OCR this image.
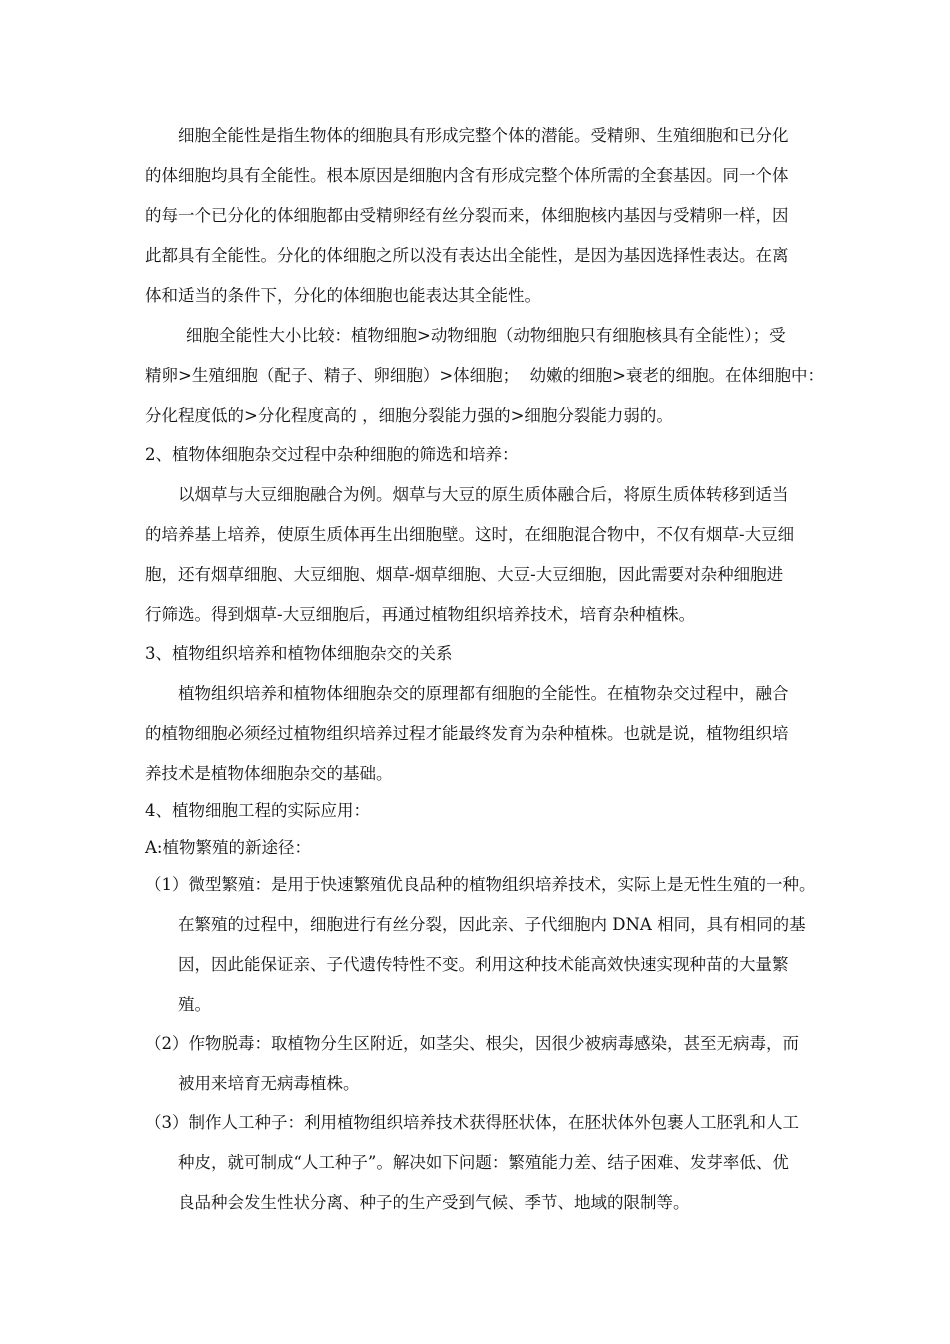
细胞全能性是指生物体的细胞具有形成完整个体的潜能。受精卵、生殖细胞和已分化
的体细胞均具有全能性。根本原因是细胞内含有形成完整个体所需的全套基因。同一个体
的每一个已分化的体细胞都由受精卵经有丝分裂而来，体细胞核内基因与受精卵一样，因
此都具有全能性。分化的体细胞之所以没有表达出全能性，是因为基因选择性表达。在离
体和适当的条件下，分化的体细胞也能表达其全能性。
细胞全能性大小比较：植物细胞>动物细胞（动物细胞只有细胞核具有全能性）；受
精卵>生殖细胞（配子、精子、卵细胞）>体细胞；  幼嫩的细胞>衰老的细胞。在体细胞中：
分化程度低的>分化程度高的 ，细胞分裂能力强的>细胞分裂能力弱的。
2、植物体细胞杂交过程中杂种细胞的筛选和培养：
以烟草与大豆细胞融合为例。烟草与大豆的原生质体融合后，将原生质体转移到适当
的培养基上培养，使原生质体再生出细胞壁。这时，在细胞混合物中，不仅有烟草-大豆细
胞，还有烟草细胞、大豆细胞、烟草-烟草细胞、大豆-大豆细胞，因此需要对杂种细胞进
行筛选。得到烟草-大豆细胞后，再通过植物组织培养技术，培育杂种植株。
3、植物组织培养和植物体细胞杂交的关系
植物组织培养和植物体细胞杂交的原理都有细胞的全能性。在植物杂交过程中，融合
的植物细胞必须经过植物组织培养过程才能最终发育为杂种植株。也就是说，植物组织培
养技术是植物体细胞杂交的基础。
4、植物细胞工程的实际应用：
A:植物繁殖的新途径：
（1）微型繁殖：是用于快速繁殖优良品种的植物组织培养技术，实际上是无性生殖的一种。
在繁殖的过程中，细胞进行有丝分裂，因此亲、子代细胞内 DNA 相同，具有相同的基
因，因此能保证亲、子代遗传特性不变。利用这种技术能高效快速实现种苗的大量繁
殖。
（2）作物脱毒：取植物分生区附近，如茎尖、根尖，因很少被病毒感染，甚至无病毒，而
被用来培育无病毒植株。
（3）制作人工种子：利用植物组织培养技术获得胚状体，在胚状体外包裹人工胚乳和人工
种皮，就可制成“人工种子”。解决如下问题：繁殖能力差、结子困难、发芽率低、优
良品种会发生性状分离、种子的生产受到气候、季节、地域的限制等。
